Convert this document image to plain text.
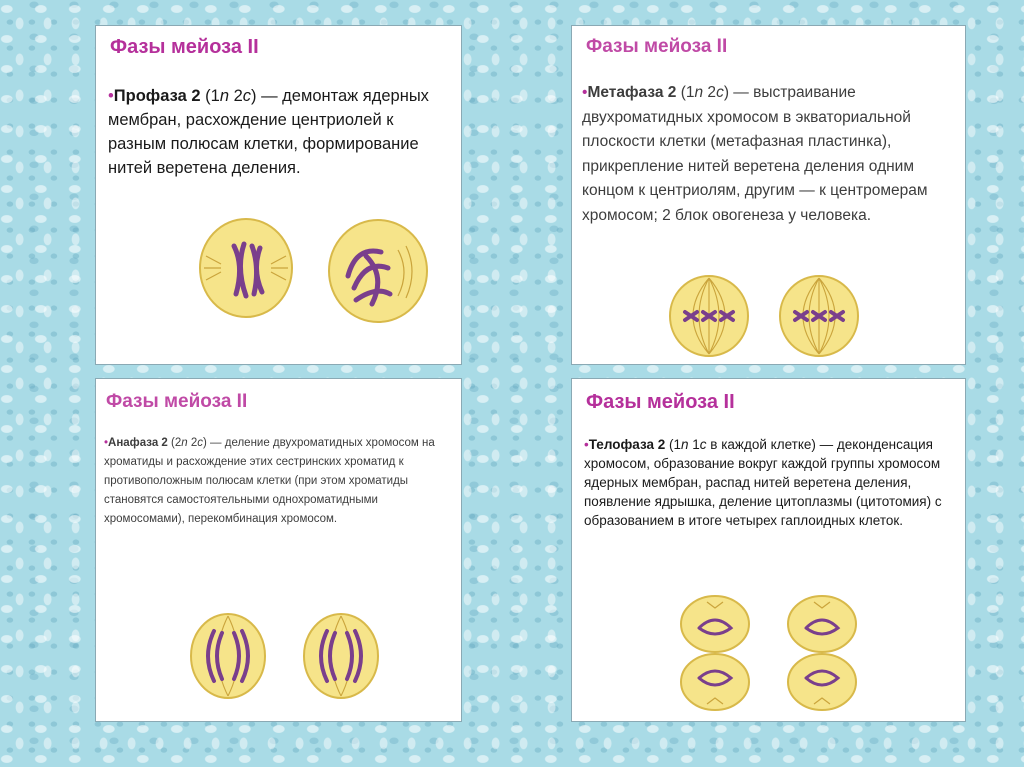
Фазы мейоза II

•Профаза 2 (1n 2c) — демонтаж ядерных мембран, расхождение центриолей к разным полюсам клетки, формирование нитей веретена деления.

Фазы мейоза II

•Метафаза 2 (1n 2c) — выстраивание двухроматидных хромосом в экваториальной плоскости клетки (метафазная пластинка), прикрепление нитей веретена деления одним концом к центриолям, другим — к центромерам хромосом; 2 блок овогенеза у человека.

Фазы мейоза II

•Анафаза 2 (2n 2c) — деление двухроматидных хромосом на хроматиды и расхождение этих сестринских хроматид к противоположным полюсам клетки (при этом хроматиды становятся самостоятельными однохроматидными хромосомами), перекомбинация хромосом.

Фазы мейоза II

•Телофаза 2 (1n 1c в каждой клетке) — деконденсация хромосом, образование вокруг каждой группы хромосом ядерных мембран, распад нитей веретена деления, появление ядрышка, деление цитоплазмы (цитотомия) с образованием в итоге четырех гаплоидных клеток.
